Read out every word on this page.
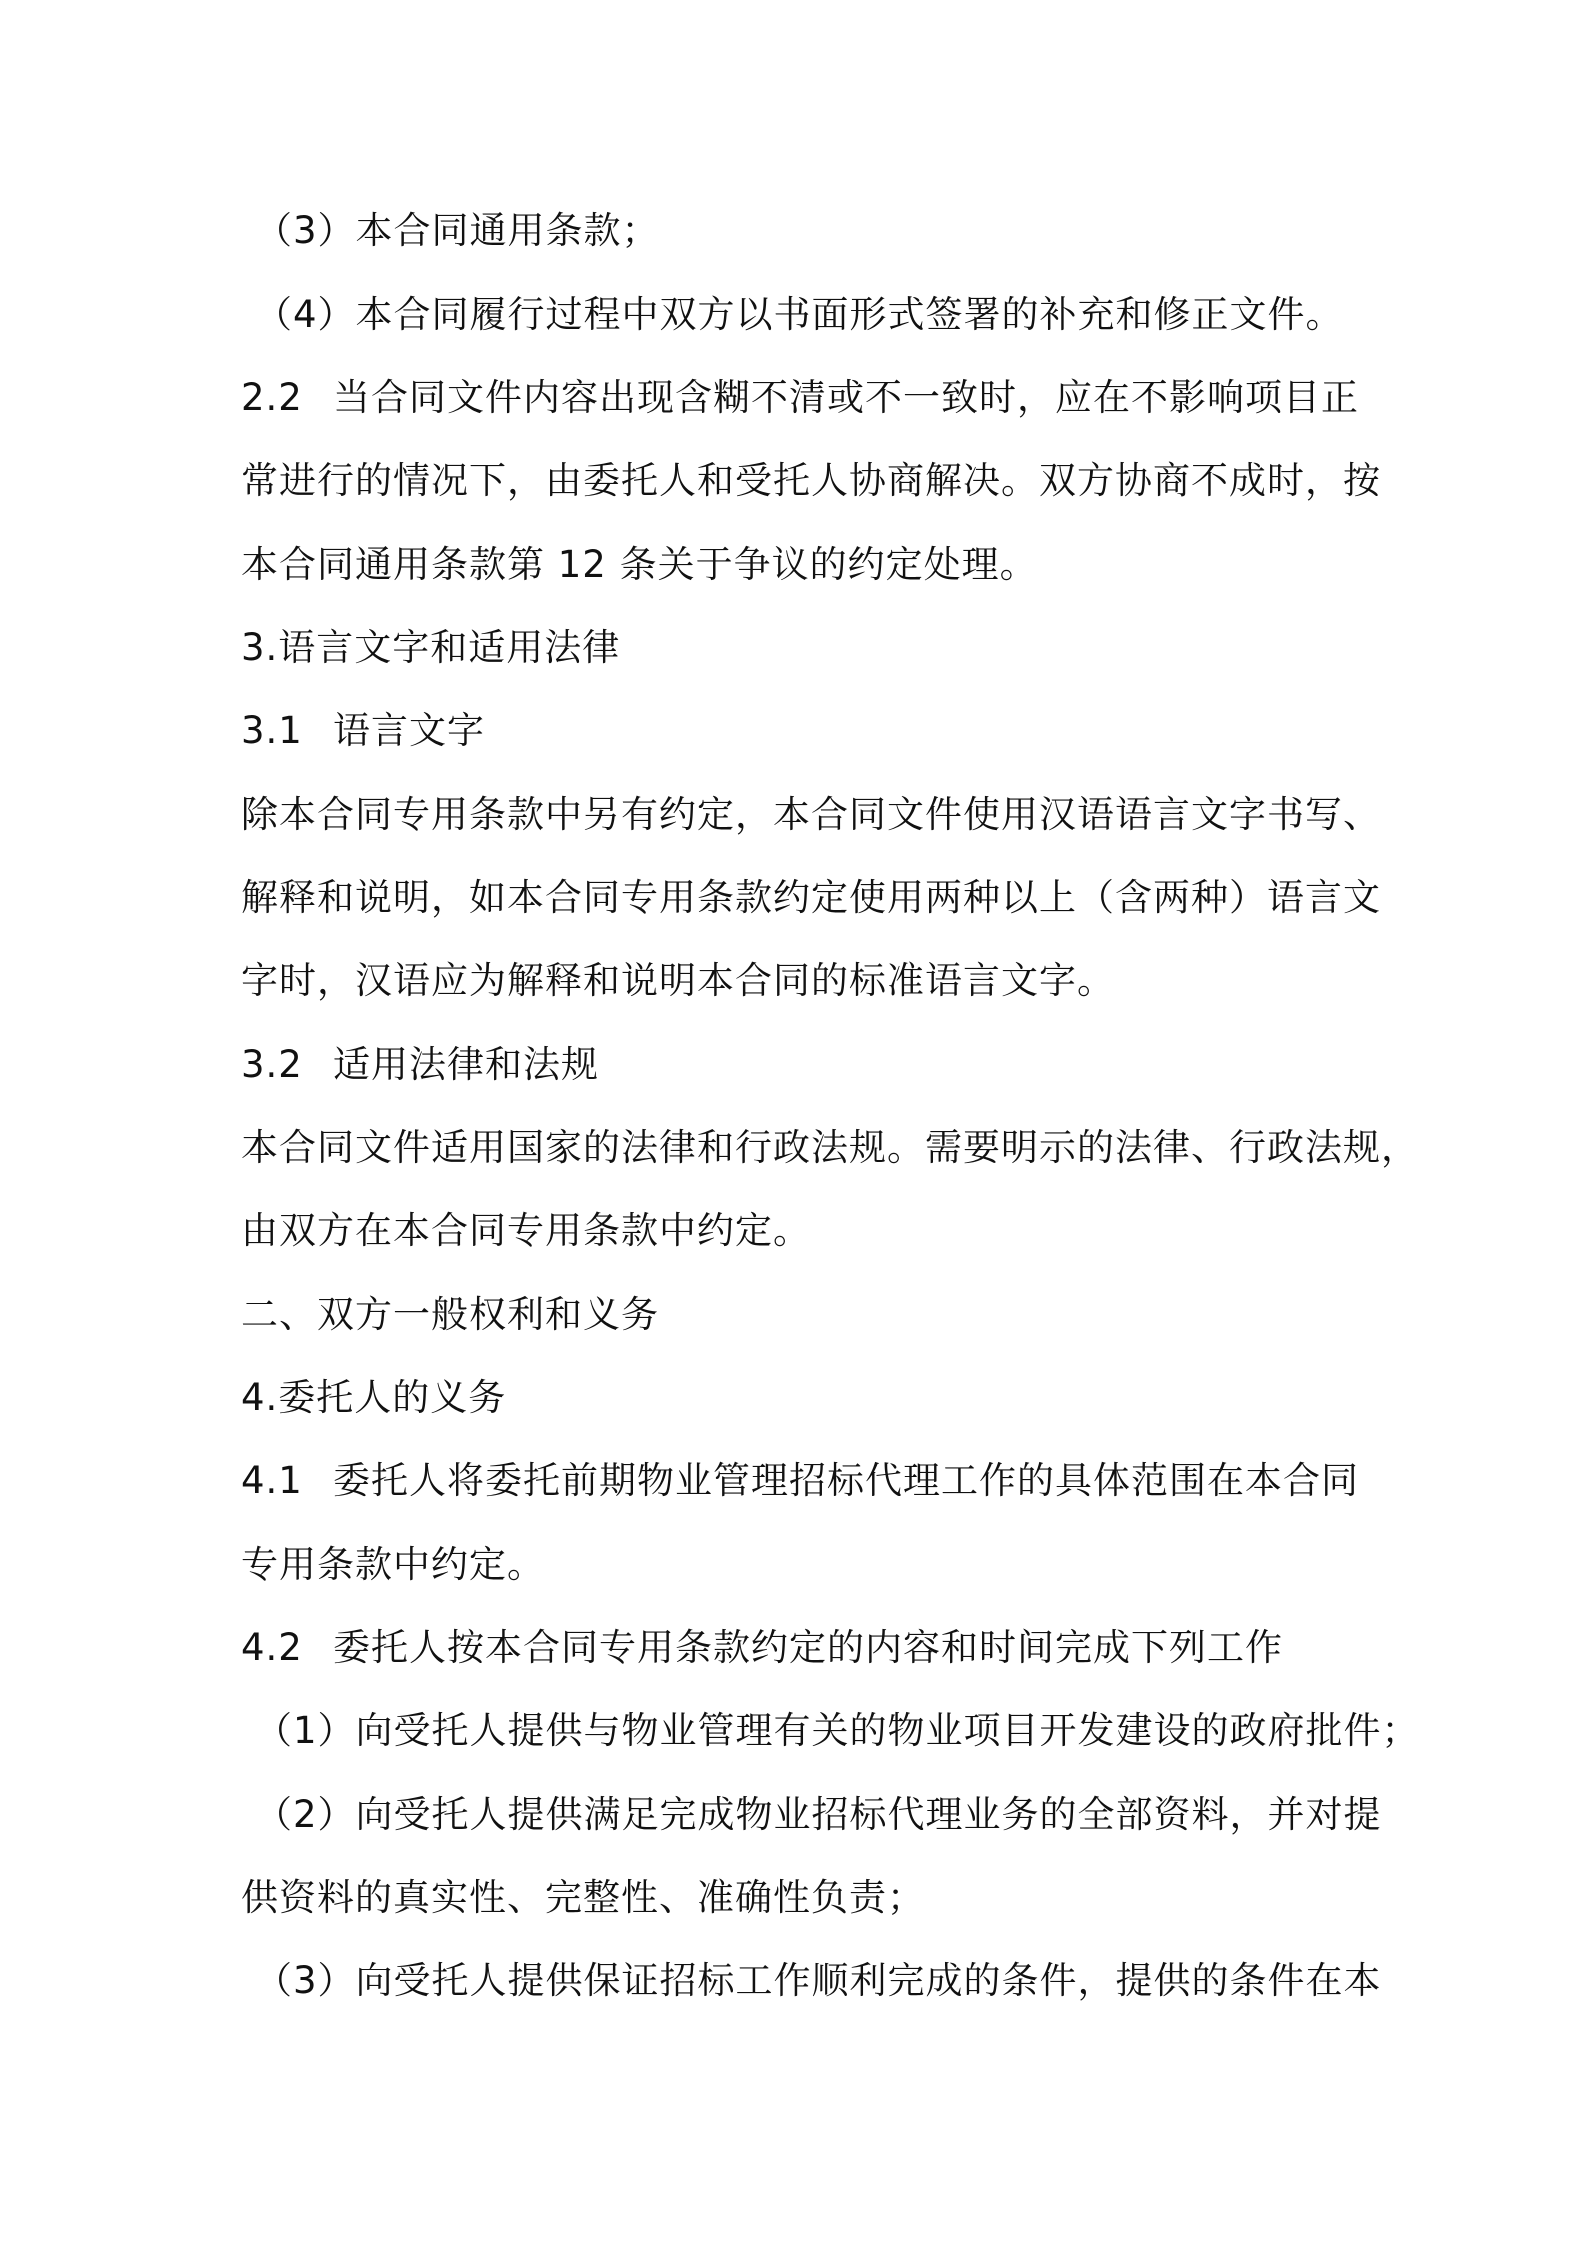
（3）本合同通用条款；
（4）本合同履行过程中双方以书面形式签署的补充和修正文件。
2.2 当合同文件内容出现含糊不清或不一致时，应在不影响项目正
常进行的情况下，由委托人和受托人协商解决。双方协商不成时，按
本合同通用条款第 12 条关于争议的约定处理。
3.语言文字和适用法律
3.1 语言文字
除本合同专用条款中另有约定，本合同文件使用汉语语言文字书写、
解释和说明，如本合同专用条款约定使用两种以上（含两种）语言文
字时，汉语应为解释和说明本合同的标准语言文字。
3.2 适用法律和法规
本合同文件适用国家的法律和行政法规。需要明示的法律、行政法规，
由双方在本合同专用条款中约定。
二、双方一般权利和义务
4.委托人的义务
4.1 委托人将委托前期物业管理招标代理工作的具体范围在本合同
专用条款中约定。
4.2 委托人按本合同专用条款约定的内容和时间完成下列工作
（1）向受托人提供与物业管理有关的物业项目开发建设的政府批件；
（2）向受托人提供满足完成物业招标代理业务的全部资料，并对提
供资料的真实性、完整性、准确性负责；
（3）向受托人提供保证招标工作顺利完成的条件，提供的条件在本
